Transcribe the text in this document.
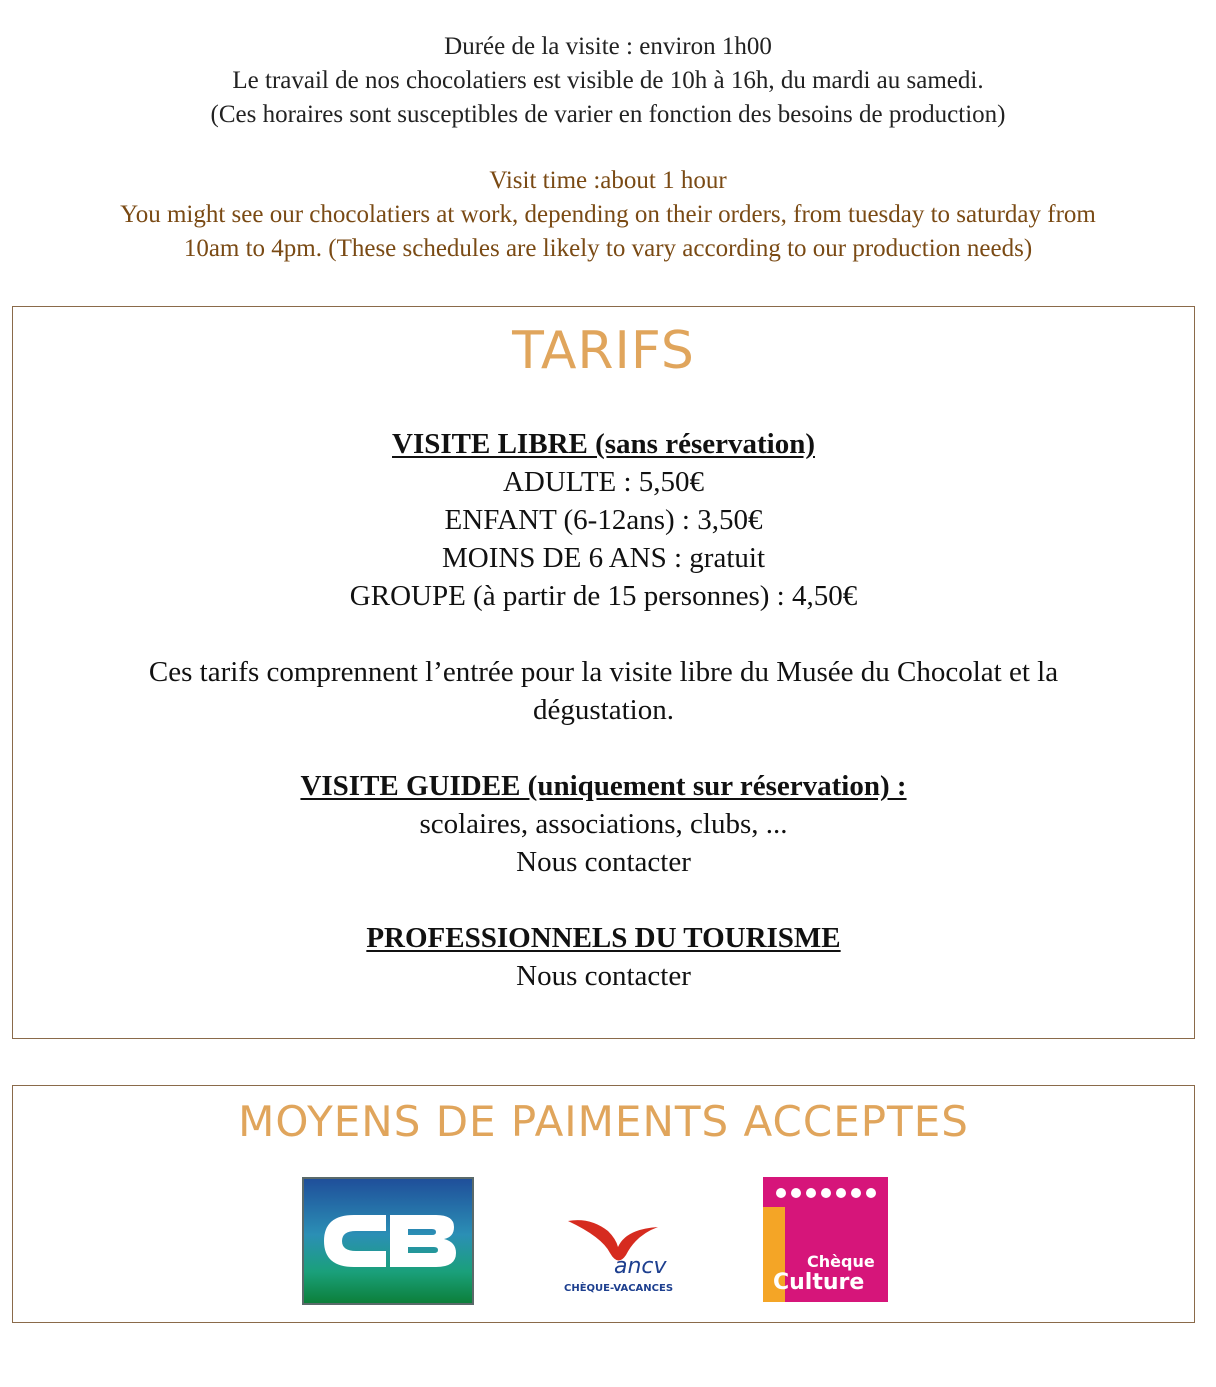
Durée de la visite : environ 1h00
Le travail de nos chocolatiers est visible de 10h à 16h, du mardi au samedi.
(Ces horaires sont susceptibles de varier en fonction des besoins de production)
Visit time :about 1 hour
You might see our chocolatiers at work, depending on their orders, from tuesday to saturday from
10am to 4pm. (These schedules are likely to vary according to our production needs)
TARIFS
VISITE LIBRE (sans réservation)
ADULTE : 5,50€
ENFANT (6-12ans) : 3,50€
MOINS DE 6 ANS : gratuit
GROUPE (à partir de 15 personnes) : 4,50€
Ces tarifs comprennent l’entrée pour la visite libre du Musée du Chocolat et la
dégustation.
VISITE GUIDEE (uniquement sur réservation) :
scolaires, associations, clubs, ...
Nous contacter
PROFESSIONNELS DU TOURISME
Nous contacter
MOYENS DE PAIMENTS ACCEPTES
ancv
CHÈQUE-VACANCES
Chèque
Culture
